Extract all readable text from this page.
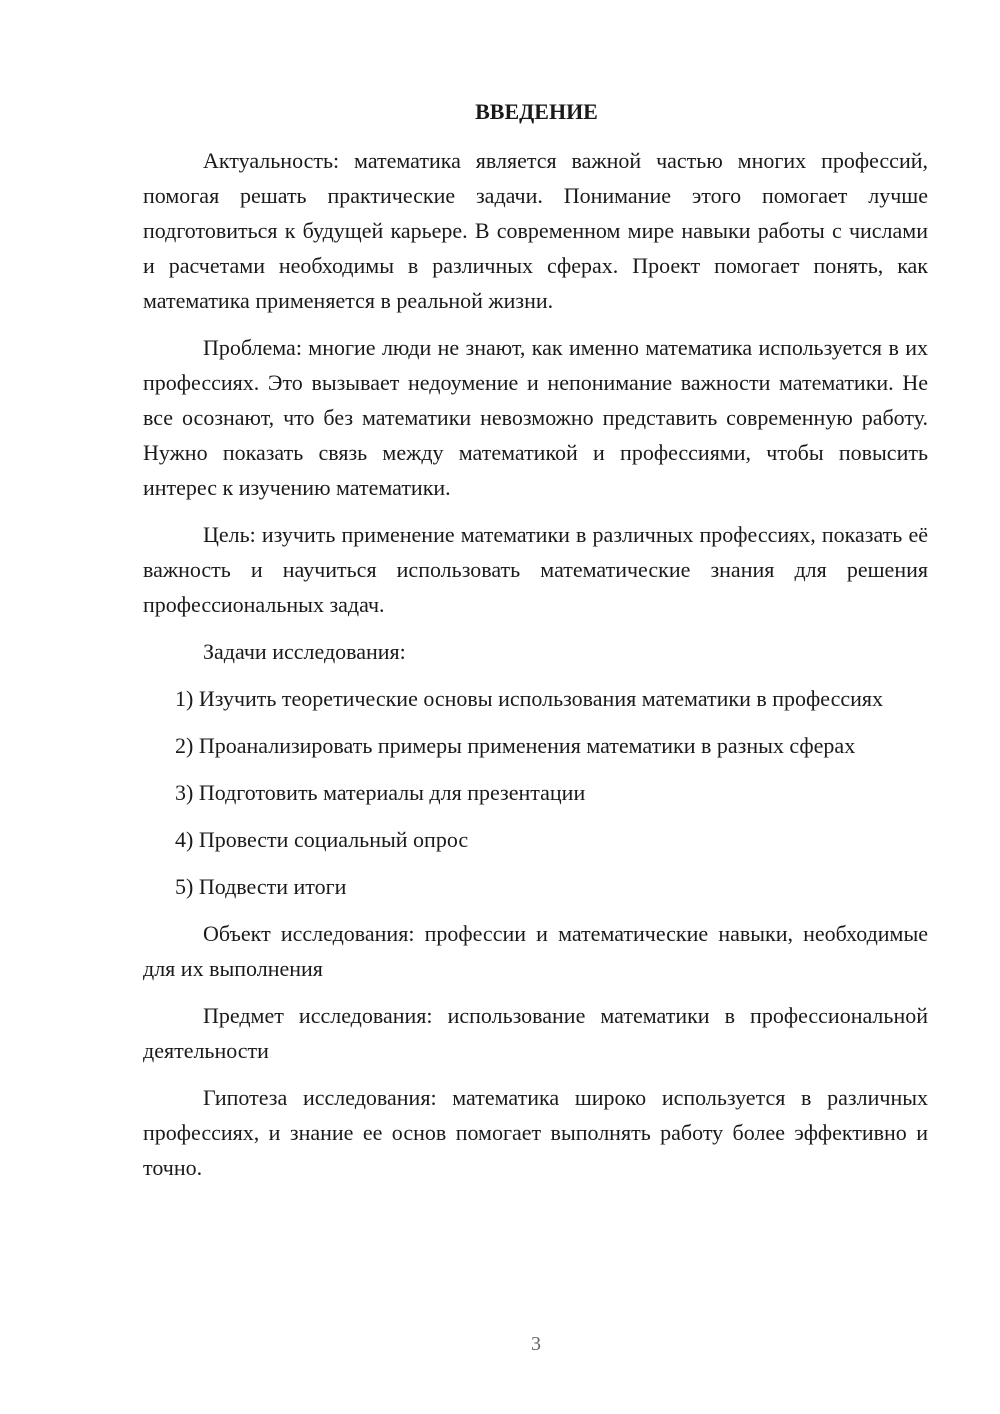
ВВЕДЕНИЕ

Актуальность: математика является важной частью многих профессий, помогая решать практические задачи. Понимание этого помогает лучше подготовиться к будущей карьере. В современном мире навыки работы с числами и расчетами необходимы в различных сферах. Проект помогает понять, как математика применяется в реальной жизни.

Проблема: многие люди не знают, как именно математика используется в их профессиях. Это вызывает недоумение и непонимание важности математики. Не все осознают, что без математики невозможно представить современную работу. Нужно показать связь между математикой и профессиями, чтобы повысить интерес к изучению математики.

Цель: изучить применение математики в различных профессиях, показать её важность и научиться использовать математические знания для решения профессиональных задач.

Задачи исследования:

1) Изучить теоретические основы использования математики в профессиях

2) Проанализировать примеры применения математики в разных сферах

3) Подготовить материалы для презентации

4) Провести социальный опрос

5) Подвести итоги

Объект исследования: профессии и математические навыки, необходимые для их выполнения

Предмет исследования: использование математики в профессиональной деятельности

Гипотеза исследования: математика широко используется в различных профессиях, и знание ее основ помогает выполнять работу более эффективно и точно.

3
